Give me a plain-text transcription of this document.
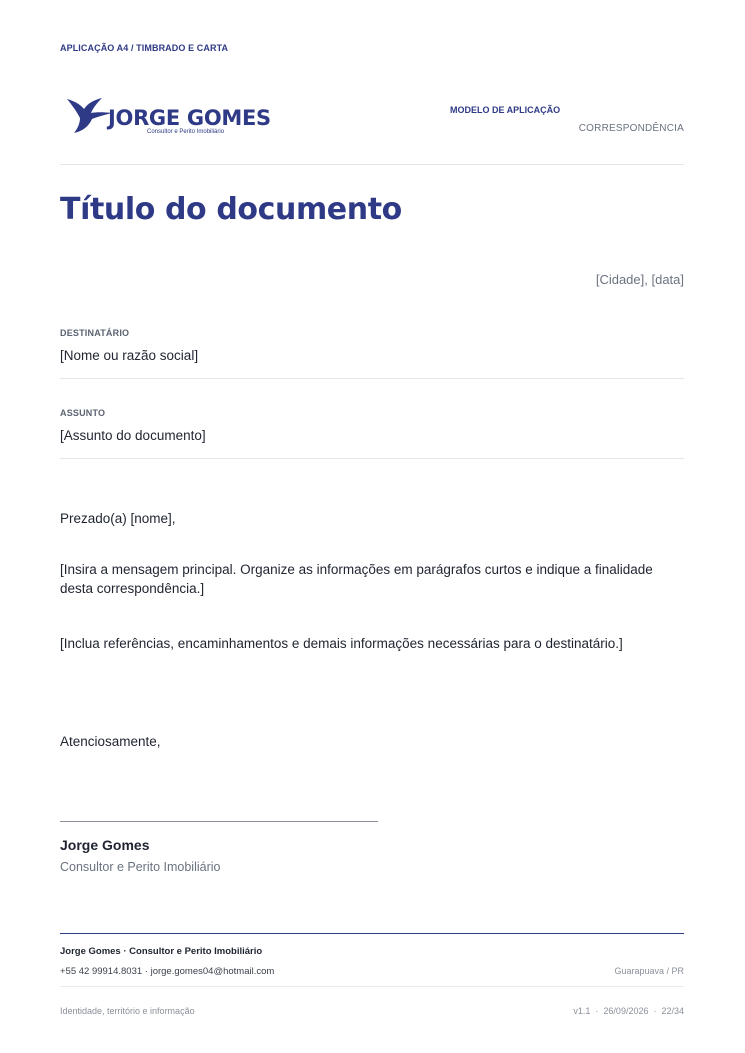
APLICAÇÃO A4 / TIMBRADO E CARTA
JORGE GOMES
Consultor e Perito Imobiliário
MODELO DE APLICAÇÃO
CORRESPONDÊNCIA
Título do documento
[Cidade], [data]
DESTINATÁRIO
[Nome ou razão social]
ASSUNTO
[Assunto do documento]

Prezado(a) [nome],

[Insira a mensagem principal. Organize as informações em parágrafos curtos e indique a finalidade desta correspondência.]

[Inclua referências, encaminhamentos e demais informações necessárias para o destinatário.]

Atenciosamente,

Jorge Gomes
Consultor e Perito Imobiliário
Jorge Gomes · Consultor e Perito Imobiliário
+55 42 99914.8031 · jorge.gomes04@hotmail.com	Guarapuava / PR
Identidade, território e informação	v1.1 · 26/09/2026 · 22/34
